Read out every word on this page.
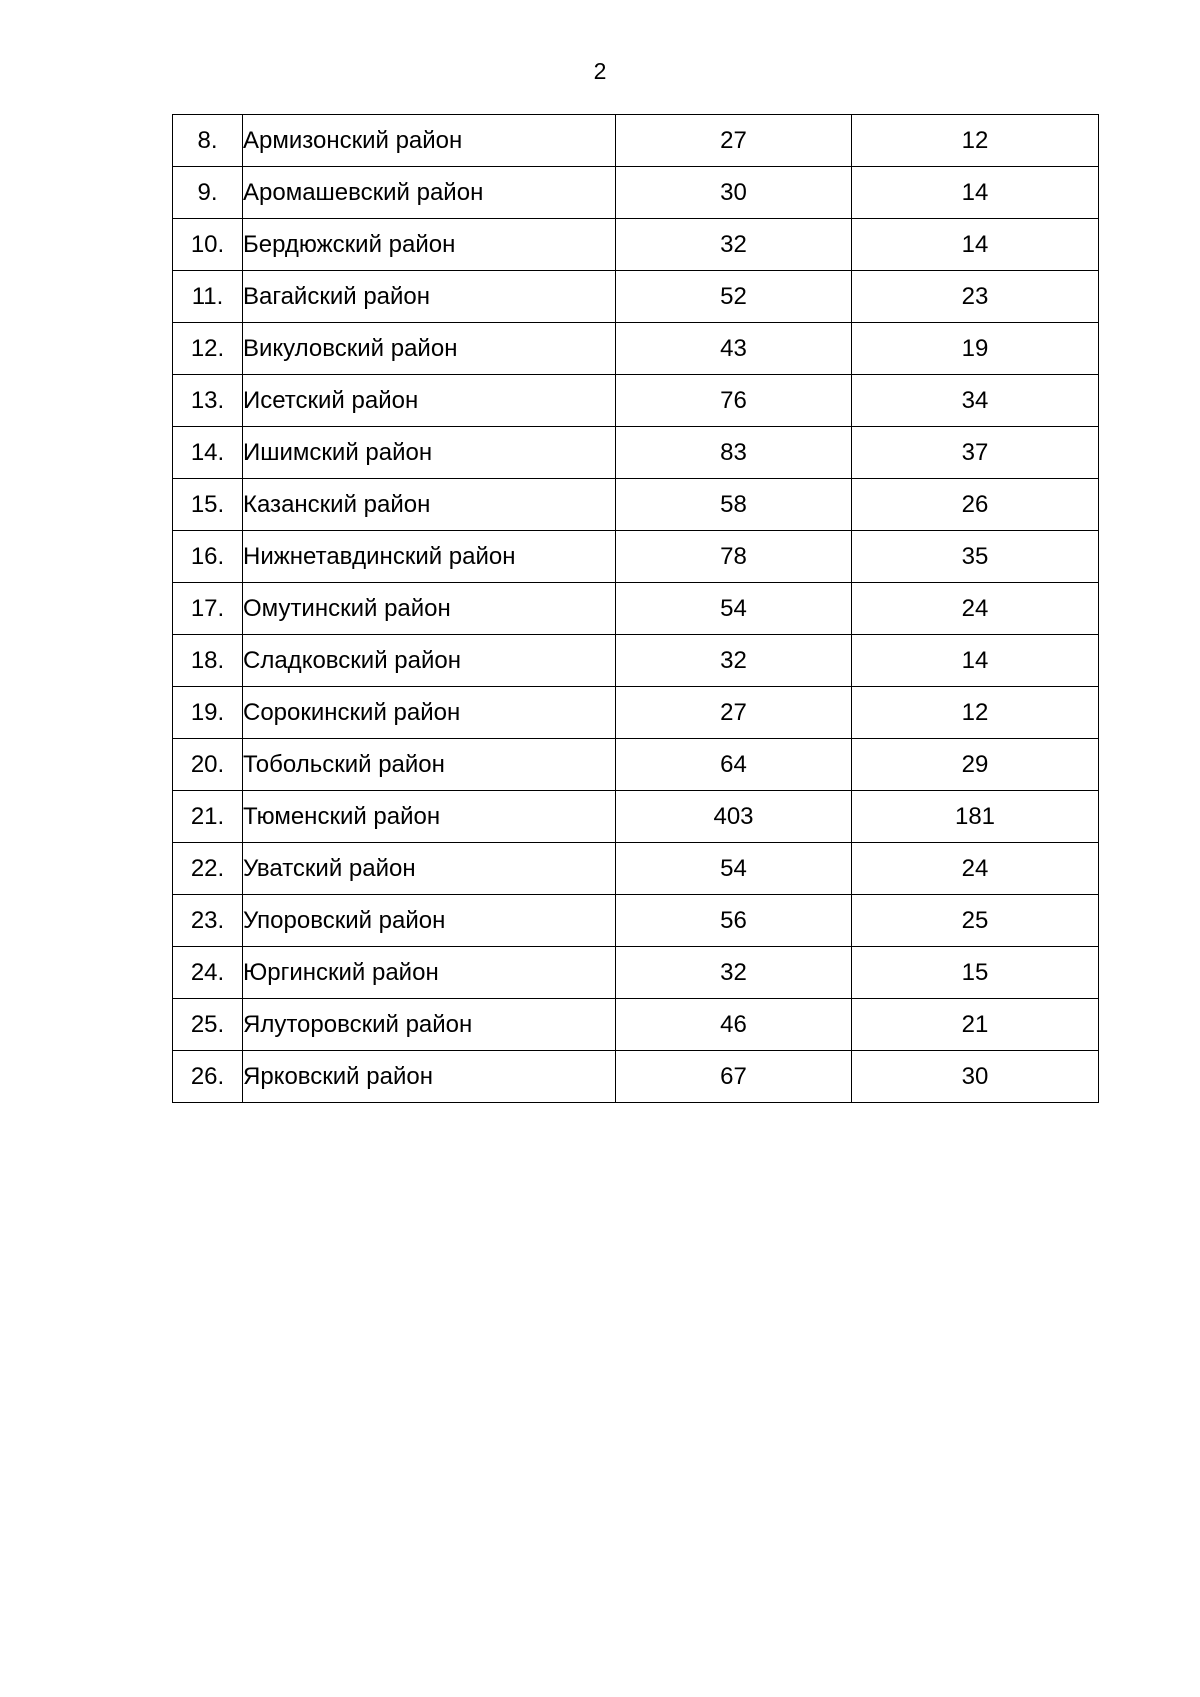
2
8.	Армизонский район	27	12
9.	Аромашевский район	30	14
10.	Бердюжский район	32	14
11.	Вагайский район	52	23
12.	Викуловский район	43	19
13.	Исетский район	76	34
14.	Ишимский район	83	37
15.	Казанский район	58	26
16.	Нижнетавдинский район	78	35
17.	Омутинский район	54	24
18.	Сладковский район	32	14
19.	Сорокинский район	27	12
20.	Тобольский район	64	29
21.	Тюменский район	403	181
22.	Уватский район	54	24
23.	Упоровский район	56	25
24.	Юргинский район	32	15
25.	Ялуторовский район	46	21
26.	Ярковский район	67	30
